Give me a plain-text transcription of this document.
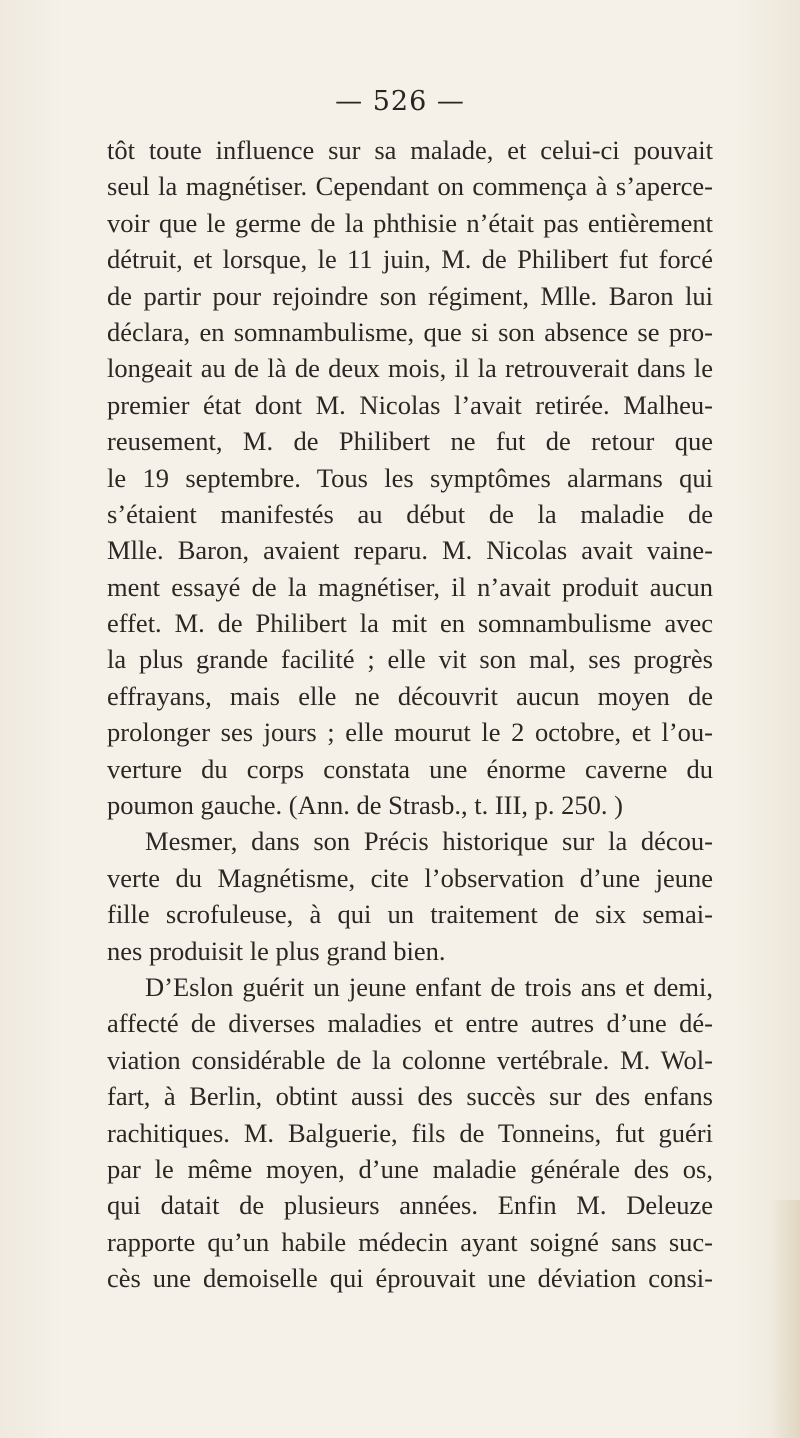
— 526 —
tôt toute influence sur sa malade, et celui-ci pouvait
seul la magnétiser. Cependant on commença à s’aperce-
voir que le germe de la phthisie n’était pas entièrement
détruit, et lorsque, le 11 juin, M. de Philibert fut forcé
de partir pour rejoindre son régiment, Mlle. Baron lui
déclara, en somnambulisme, que si son absence se pro-
longeait au de là de deux mois, il la retrouverait dans le
premier état dont M. Nicolas l’avait retirée. Malheu-
reusement, M. de Philibert ne fut de retour que
le 19 septembre. Tous les symptômes alarmans qui
s’étaient manifestés au début de la maladie de
Mlle. Baron, avaient reparu. M. Nicolas avait vaine-
ment essayé de la magnétiser, il n’avait produit aucun
effet. M. de Philibert la mit en somnambulisme avec
la plus grande facilité ; elle vit son mal, ses progrès
effrayans, mais elle ne découvrit aucun moyen de
prolonger ses jours ; elle mourut le 2 octobre, et l’ou-
verture du corps constata une énorme caverne du
poumon gauche. (Ann. de Strasb., t. III, p. 250. )
Mesmer, dans son Précis historique sur la décou-
verte du Magnétisme, cite l’observation d’une jeune
fille scrofuleuse, à qui un traitement de six semai-
nes produisit le plus grand bien.
D’Eslon guérit un jeune enfant de trois ans et demi,
affecté de diverses maladies et entre autres d’une dé-
viation considérable de la colonne vertébrale. M. Wol-
fart, à Berlin, obtint aussi des succès sur des enfans
rachitiques. M. Balguerie, fils de Tonneins, fut guéri
par le même moyen, d’une maladie générale des os,
qui datait de plusieurs années. Enfin M. Deleuze
rapporte qu’un habile médecin ayant soigné sans suc-
cès une demoiselle qui éprouvait une déviation consi-
